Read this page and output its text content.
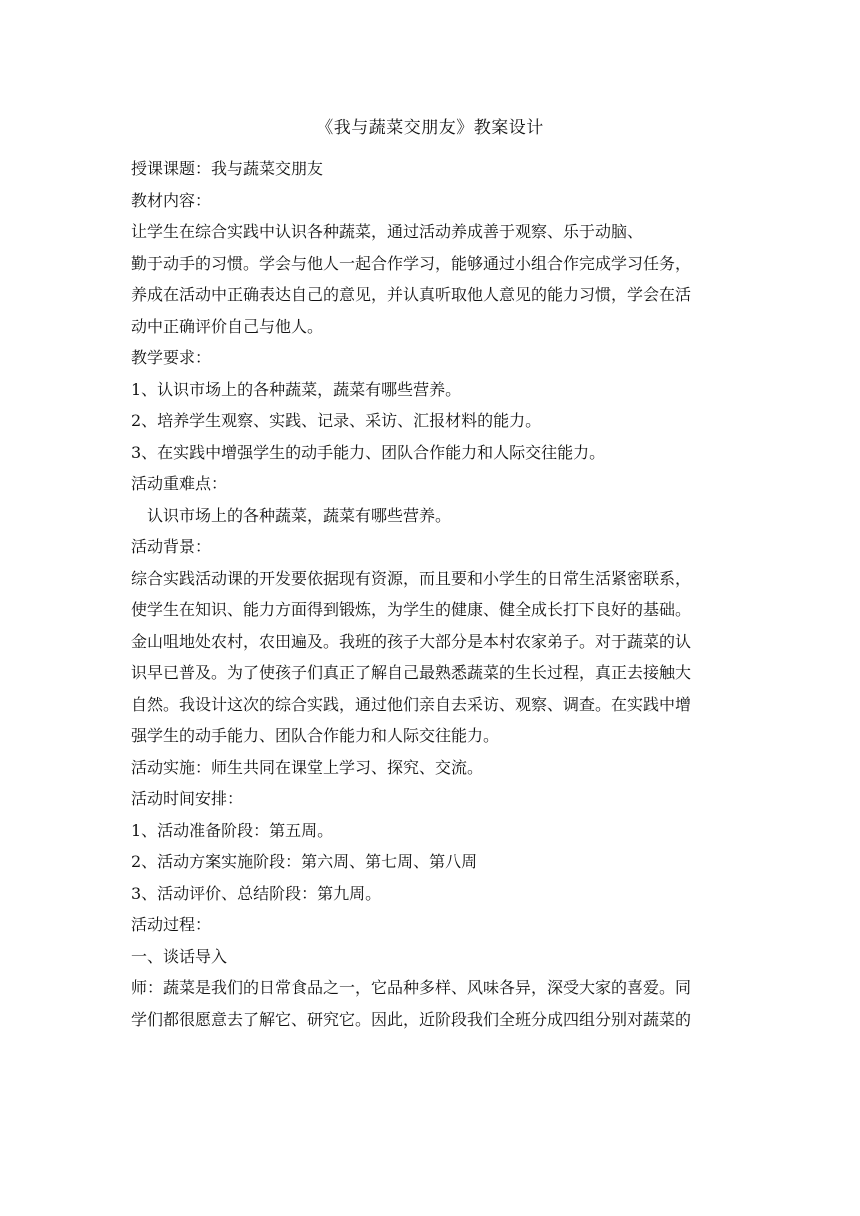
《我与蔬菜交朋友》教案设计
授课课题：我与蔬菜交朋友
教材内容：
让学生在综合实践中认识各种蔬菜，通过活动养成善于观察、乐于动脑、
勤于动手的习惯。学会与他人一起合作学习，能够通过小组合作完成学习任务，
养成在活动中正确表达自己的意见，并认真听取他人意见的能力习惯，学会在活
动中正确评价自己与他人。
教学要求：
1、认识市场上的各种蔬菜，蔬菜有哪些营养。
2、培养学生观察、实践、记录、采访、汇报材料的能力。
3、在实践中增强学生的动手能力、团队合作能力和人际交往能力。
活动重难点：
认识市场上的各种蔬菜，蔬菜有哪些营养。
活动背景：
综合实践活动课的开发要依据现有资源，而且要和小学生的日常生活紧密联系，
使学生在知识、能力方面得到锻炼，为学生的健康、健全成长打下良好的基础。
金山咀地处农村，农田遍及。我班的孩子大部分是本村农家弟子。对于蔬菜的认
识早已普及。为了使孩子们真正了解自己最熟悉蔬菜的生长过程，真正去接触大
自然。我设计这次的综合实践，通过他们亲自去采访、观察、调查。在实践中增
强学生的动手能力、团队合作能力和人际交往能力。
活动实施：师生共同在课堂上学习、探究、交流。
活动时间安排：
1、活动准备阶段：第五周。
2、活动方案实施阶段：第六周、第七周、第八周
3、活动评价、总结阶段：第九周。
活动过程：
一、谈话导入
师：蔬菜是我们的日常食品之一，它品种多样、风味各异，深受大家的喜爱。同
学们都很愿意去了解它、研究它。因此，近阶段我们全班分成四组分别对蔬菜的
